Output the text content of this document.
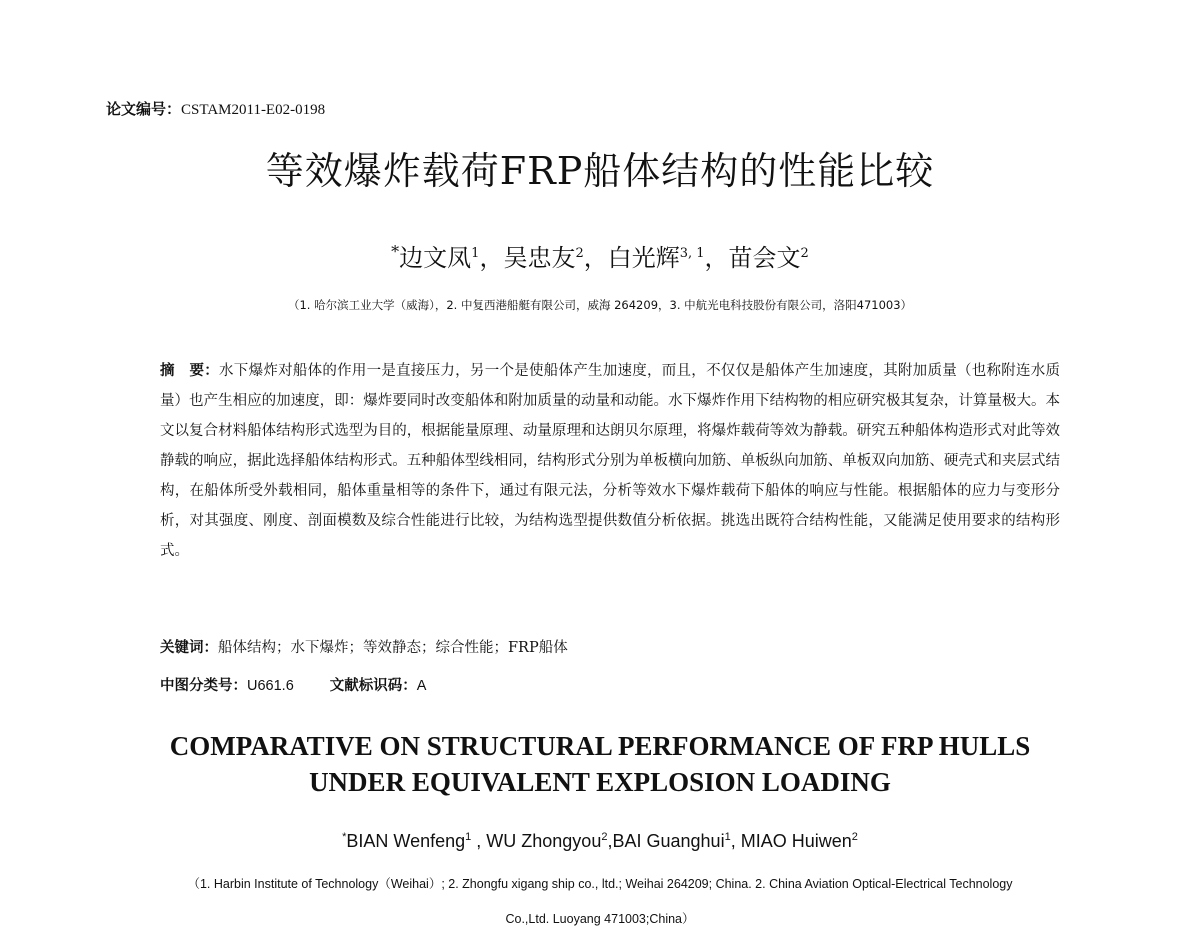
论文编号：CSTAM2011-E02-0198
等效爆炸载荷FRP船体结构的性能比较
*边文凤$^1$，吴忠友$^2$，白光辉$^{3, 1}$，苗会文$^2$
（1. 哈尔滨工业大学（威海），2. 中复西港船艇有限公司，威海 264209，3. 中航光电科技股份有限公司，洛阳471003）
摘　要：水下爆炸对船体的作用一是直接压力，另一个是使船体产生加速度，而且，不仅仅是船体产生加速度，其附加质量（也称附连水质量）也产生相应的加速度，即：爆炸要同时改变船体和附加质量的动量和动能。水下爆炸作用下结构物的相应研究极其复杂，计算量极大。本文以复合材料船体结构形式选型为目的，根据能量原理、动量原理和达朗贝尔原理，将爆炸载荷等效为静载。研究五种船体构造形式对此等效静载的响应，据此选择船体结构形式。五种船体型线相同，结构形式分别为单板横向加筋、单板纵向加筋、单板双向加筋、硬壳式和夹层式结构，在船体所受外载相同，船体重量相等的条件下，通过有限元法，分析等效水下爆炸载荷下船体的响应与性能。根据船体的应力与变形分析，对其强度、刚度、剖面模数及综合性能进行比较，为结构选型提供数值分析依据。挑选出既符合结构性能，又能满足使用要求的结构形式。
关键词：船体结构；水下爆炸；等效静态；综合性能；FRP船体
中图分类号：U661.6 文献标识码：A
COMPARATIVE ON STRUCTURAL PERFORMANCE OF FRP HULLS
UNDER EQUIVALENT EXPLOSION LOADING
*BIAN Wenfeng$^1$ , WU Zhongyou$^2$,BAI Guanghui$^1$, MIAO Huiwen$^2$
（1. Harbin Institute of Technology（Weihai）; 2. Zhongfu xigang ship co., ltd.; Weihai 264209; China. 2. China Aviation Optical-Electrical Technology
Co.,Ltd. Luoyang 471003;China）
